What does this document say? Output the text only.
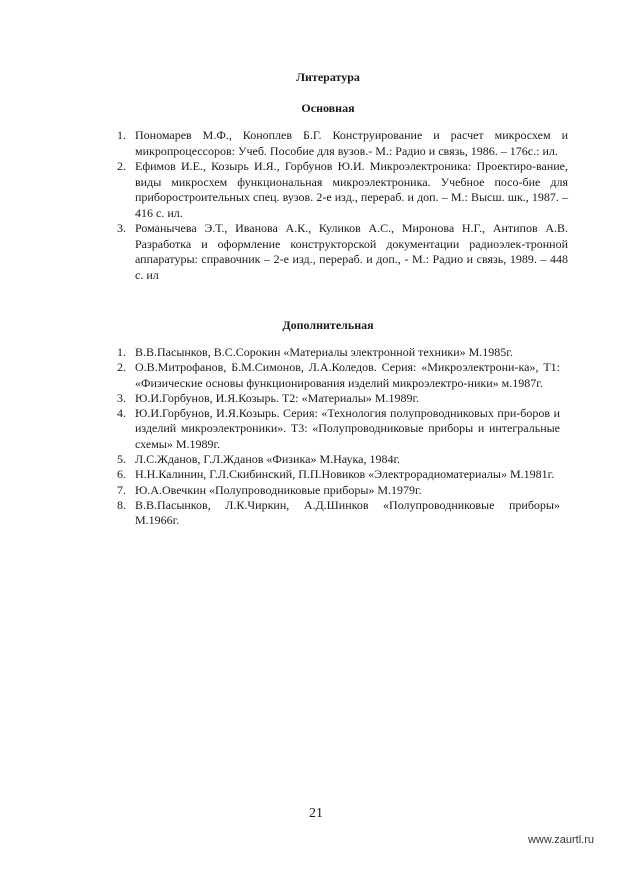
Литература
Основная
1. Пономарев М.Ф., Коноплев Б.Г. Конструирование и расчет микросхем и микропроцессоров: Учеб. Пособие для вузов.- М.: Радио и связь, 1986. – 176с.: ил.
2. Ефимов И.Е., Козырь И.Я., Горбунов Ю.И. Микроэлектроника: Проектиро-вание, виды микросхем функциональная микроэлектроника. Учебное посо-бие для приборостроительных спец. вузов. 2-е изд., перераб. и доп. – М.: Высш. шк., 1987. – 416 с. ил.
3. Романычева Э.Т., Иванова А.К., Куликов А.С., Миронова Н.Г., Антипов А.В. Разработка и оформление конструкторской документации радиоэлек-тронной аппаратуры: справочник – 2-е изд., перераб. и доп., - М.: Радио и связь, 1989. – 448 с. ил
Дополнительная
1. В.В.Пасынков, В.С.Сорокин «Материалы электронной техники» М.1985г.
2. О.В.Митрофанов, Б.М.Симонов, Л.А.Коледов. Серия: «Микроэлектрони-ка», Т1: «Физические основы функционирования изделий микроэлектро-ники» м.1987г.
3. Ю.И.Горбунов, И.Я.Козырь. Т2: «Материалы» М.1989г.
4. Ю.И.Горбунов, И.Я.Козырь. Серия: «Технология полупроводниковых при-боров и изделий микроэлектроники». Т3: «Полупроводниковые приборы и интегральные схемы» М.1989г.
5. Л.С.Жданов, Г.Л.Жданов «Физика» М.Наука, 1984г.
6. Н.Н.Калинин, Г.Л.Скибинский, П.П.Новиков «Электрорадиоматериалы» М.1981г.
7. Ю.А.Овечкин «Полупроводниковые приборы» М.1979г.
8. В.В.Пасынков, Л.К.Чиркин, А.Д.Шинков «Полупроводниковые приборы» М.1966г.
21
www.zaurtl.ru
